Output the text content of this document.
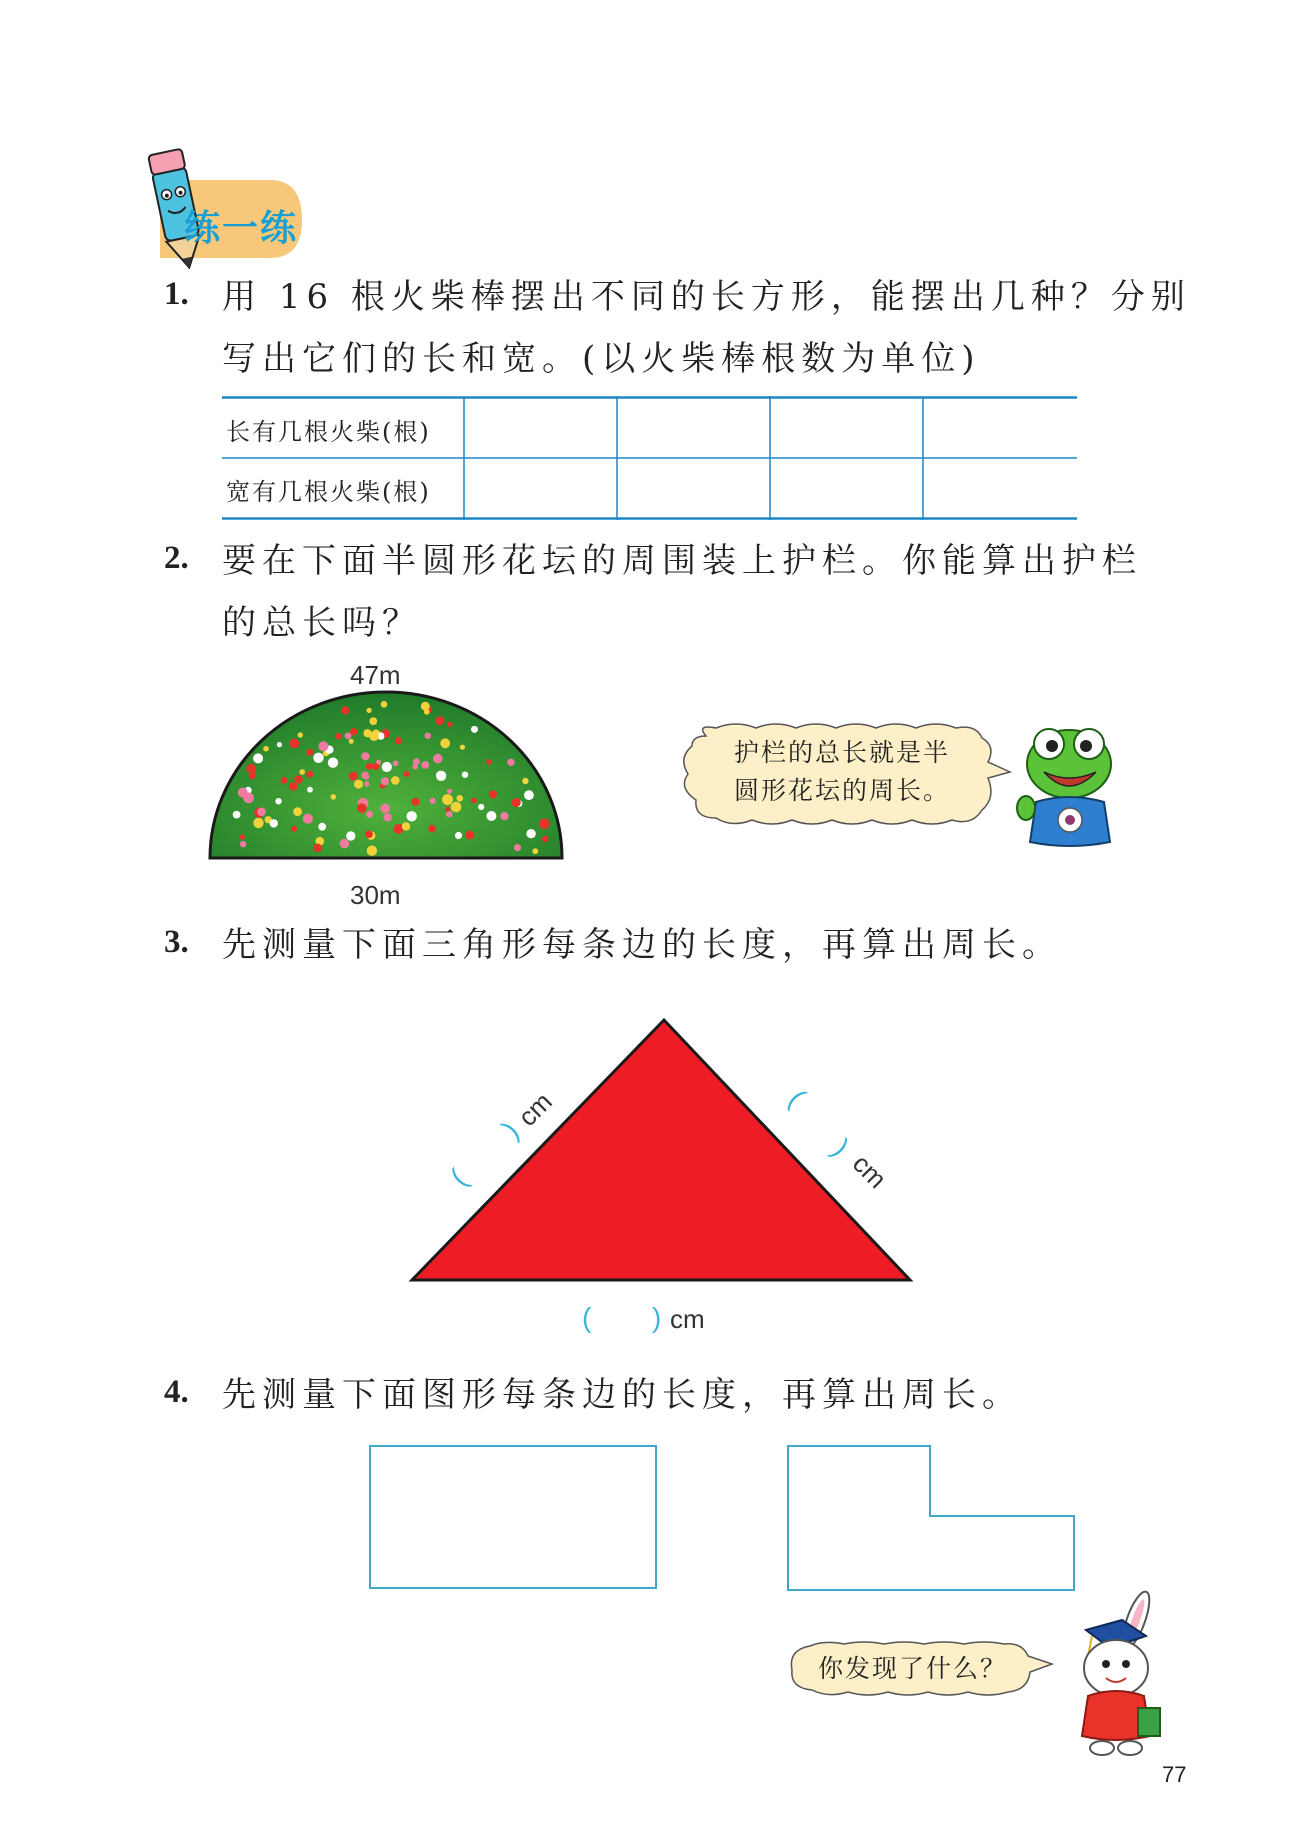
练一练
1. 用 16 根火柴棒摆出不同的长方形，能摆出几种？分别
写出它们的长和宽。(以火柴棒根数为单位)
长有几根火柴(根)
宽有几根火柴(根)
2. 要在下面半圆形花坛的周围装上护栏。你能算出护栏
的总长吗？
47m
30m
护栏的总长就是半
圆形花坛的周长。
3. 先测量下面三角形每条边的长度，再算出周长。
(
)
cm	(
)
cm
( ) cm
4. 先测量下面图形每条边的长度，再算出周长。
你发现了什么？
77
